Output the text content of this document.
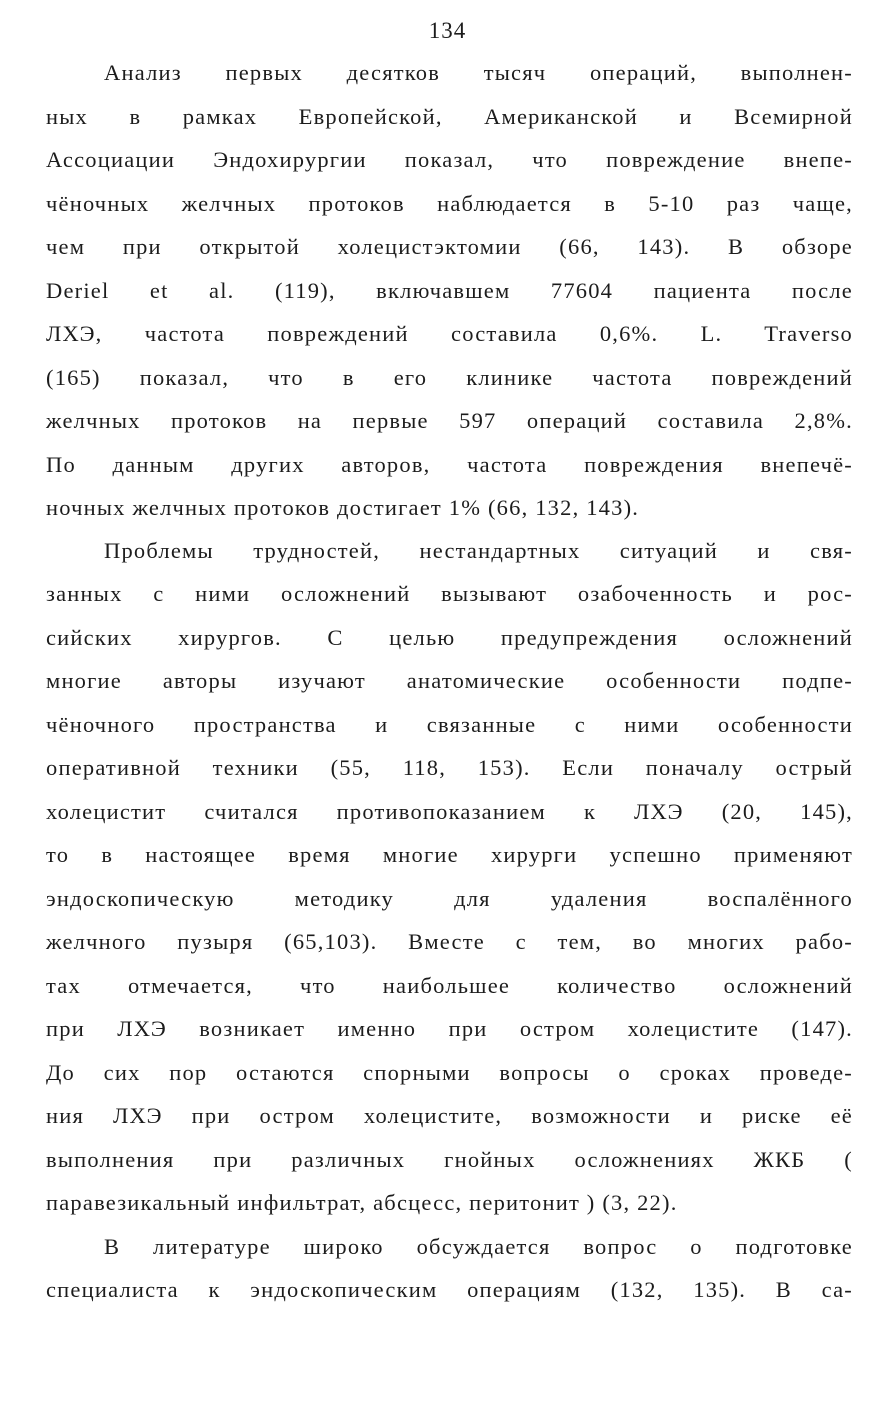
134
Анализ первых десятков тысяч операций, выполнен-
ных в рамках Европейской, Американской и Всемирной
Ассоциации Эндохирургии показал, что повреждение внепе-
чёночных желчных протоков наблюдается в 5-10 раз чаще,
чем при открытой холецистэктомии (66, 143). В обзоре
Deriel et al. (119), включавшем 77604 пациента после
ЛХЭ, частота повреждений составила 0,6%. L. Traverso
(165) показал, что в его клинике частота повреждений
желчных протоков на первые 597 операций составила 2,8%.
По данным других авторов, частота повреждения внепечё-
ночных желчных протоков достигает 1% (66, 132, 143).
Проблемы трудностей, нестандартных ситуаций и свя-
занных с ними осложнений вызывают озабоченность и рос-
сийских хирургов. С целью предупреждения осложнений
многие авторы изучают анатомические особенности подпе-
чёночного пространства и связанные с ними особенности
оперативной техники (55, 118, 153). Если поначалу острый
холецистит считался противопоказанием к ЛХЭ (20, 145),
то в настоящее время многие хирурги успешно применяют
эндоскопическую методику для удаления воспалённого
желчного пузыря (65,103). Вместе с тем, во многих рабо-
тах отмечается, что наибольшее количество осложнений
при ЛХЭ возникает именно при остром холецистите (147).
До сих пор остаются спорными вопросы о сроках проведе-
ния ЛХЭ при остром холецистите, возможности и риске её
выполнения при различных гнойных осложнениях ЖКБ (
паравезикальный инфильтрат, абсцесс, перитонит ) (3, 22).
В литературе широко обсуждается вопрос о подготовке
специалиста к эндоскопическим операциям (132, 135). В са-
